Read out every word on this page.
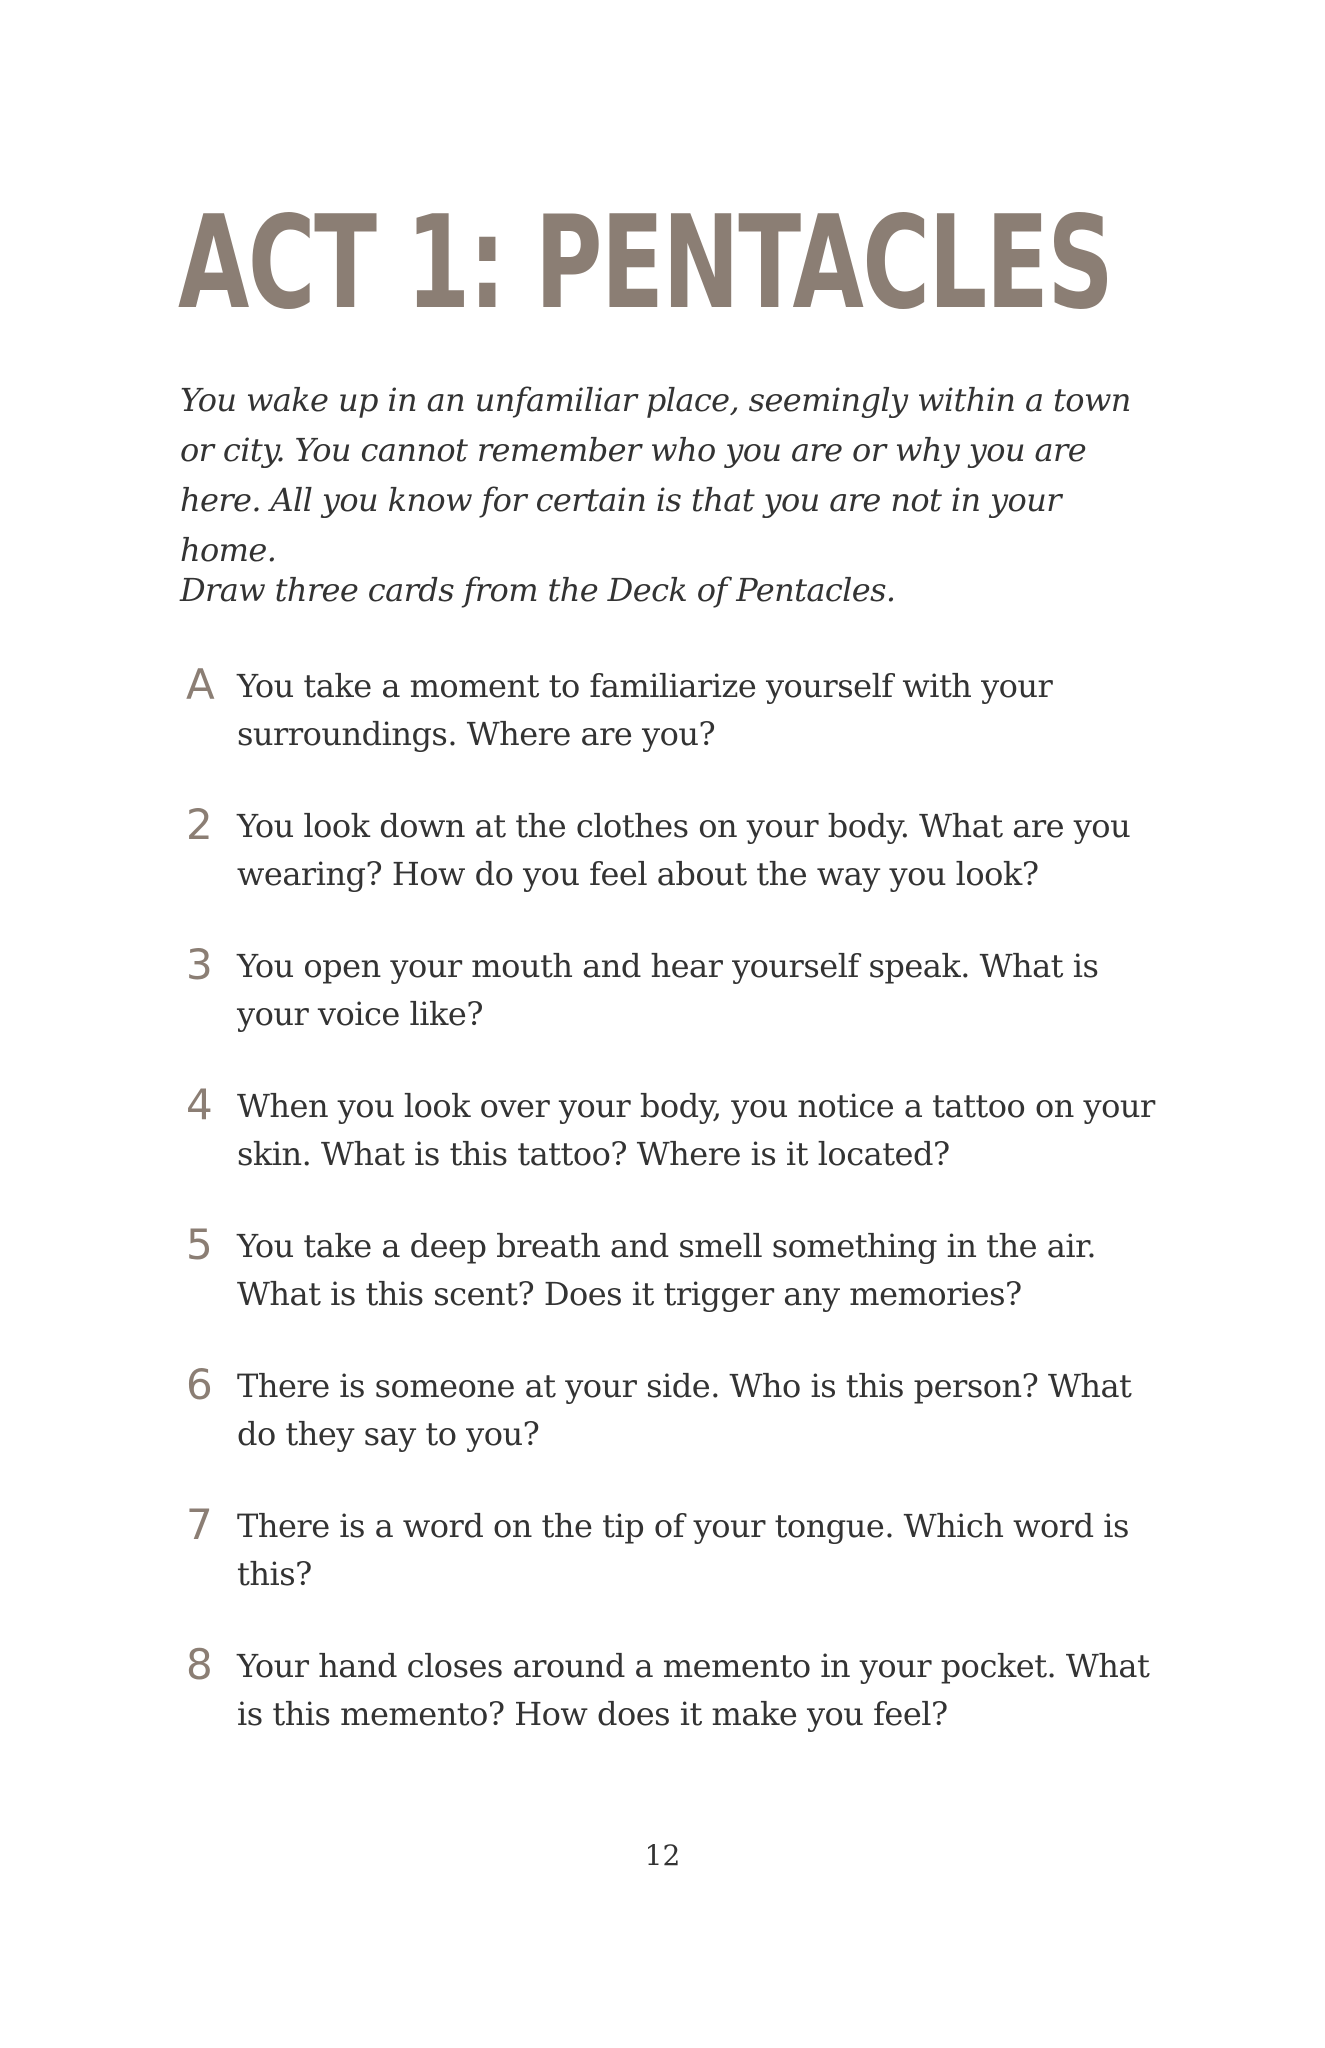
ACT 1: PENTACLES

You wake up in an unfamiliar place, seemingly within a town or city. You cannot remember who you are or why you are here. All you know for certain is that you are not in your home.

Draw three cards from the Deck of Pentacles.

A You take a moment to familiarize yourself with your surroundings. Where are you?
2 You look down at the clothes on your body. What are you wearing? How do you feel about the way you look?
3 You open your mouth and hear yourself speak. What is your voice like?
4 When you look over your body, you notice a tattoo on your skin. What is this tattoo? Where is it located?
5 You take a deep breath and smell something in the air. What is this scent? Does it trigger any memories?
6 There is someone at your side. Who is this person? What do they say to you?
7 There is a word on the tip of your tongue. Which word is this?
8 Your hand closes around a memento in your pocket. What is this memento? How does it make you feel?
12
